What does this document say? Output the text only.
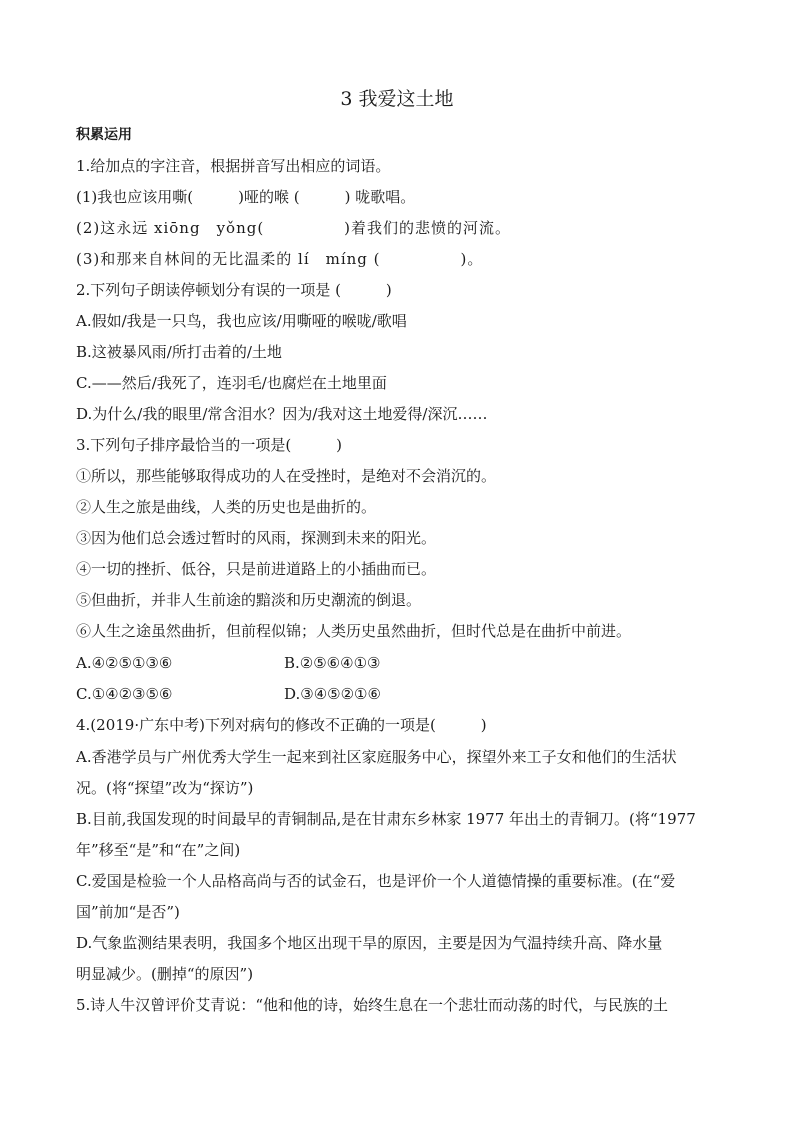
3 我爱这土地
积累运用
1.给加点的字注音，根据拼音写出相应的词语。
(1)我也应该用嘶(　　　)哑的喉 (　　　) 咙歌唱。
(2)这永远 xiōng　yǒng(　　　　　)着我们的悲愤的河流。
(3)和那来自林间的无比温柔的 lí　míng (　　　　　)。
2.下列句子朗读停顿划分有误的一项是 (　　　)
A.假如/我是一只鸟，我也应该/用嘶哑的喉咙/歌唱
B.这被暴风雨/所打击着的/土地
C.——然后/我死了，连羽毛/也腐烂在土地里面
D.为什么/我的眼里/常含泪水？因为/我对这土地爱得/深沉……
3.下列句子排序最恰当的一项是(　　　)
①所以，那些能够取得成功的人在受挫时，是绝对不会消沉的。
②人生之旅是曲线，人类的历史也是曲折的。
③因为他们总会透过暂时的风雨，探测到未来的阳光。
④一切的挫折、低谷，只是前进道路上的小插曲而已。
⑤但曲折，并非人生前途的黯淡和历史潮流的倒退。
⑥人生之途虽然曲折，但前程似锦；人类历史虽然曲折，但时代总是在曲折中前进。
A.④②⑤①③⑥	B.②⑤⑥④①③
C.①④②③⑤⑥	D.③④⑤②①⑥
4.(2019·广东中考)下列对病句的修改不正确的一项是(　　　)
A.香港学员与广州优秀大学生一起来到社区家庭服务中心，探望外来工子女和他们的生活状
况。(将“探望”改为“探访”)
B.目前,我国发现的时间最早的青铜制品,是在甘肃东乡林家 1977 年出土的青铜刀。(将“1977
年”移至“是”和“在”之间)
C.爱国是检验一个人品格高尚与否的试金石，也是评价一个人道德情操的重要标准。(在“爱
国”前加“是否”)
D.气象监测结果表明，我国多个地区出现干旱的原因，主要是因为气温持续升高、降水量
明显减少。(删掉“的原因”)
5.诗人牛汉曾评价艾青说：“他和他的诗，始终生息在一个悲壮而动荡的时代，与民族的土
